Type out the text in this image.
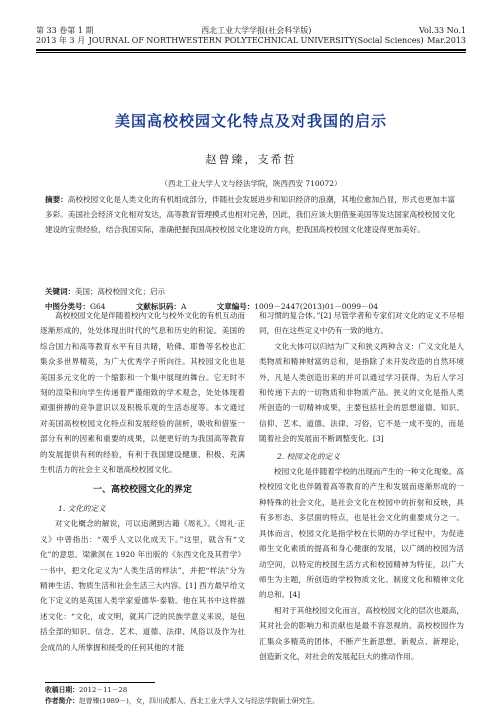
第 33 卷第 1 期	西北工业大学学报(社会科学版)	Vol.33 No.1
2013 年 3 月 JOURNAL OF NORTHWESTERN POLYTECHNICAL UNIVERSITY(Social Sciences) Mar.2013
美国高校校园文化特点及对我国的启示
赵曾臻，支希哲
（西北工业大学人文与经法学院，陕西西安 710072）
摘要：高校校园文化是人类文化的有机组成部分，伴随社会发展进步和知识经济的浪潮，其地位愈加凸显，形式也更加丰富多彩。美国社会经济文化相对发达，高等教育管理模式也相对完善，因此，我们应该大胆借鉴美国等发达国家高校校园文化建设的宝贵经验，结合我国实际，准确把握我国高校校园文化建设的方向，把我国高校校园文化建设得更加美好。
关键词：美国；高校校园文化；启示
中图分类号：G64	文献标识码：A	文章编号：1009－2447(2013)01－0099－04

高校校园文化是伴随着校内文化与校外文化的有机互动而逐渐形成的，处处体现出时代的气息和历史的积淀。美国的综合国力和高等教育水平有目共睹，哈佛、耶鲁等名校也汇集众多世界精英，为广大优秀学子所向往。其校园文化也是美国多元文化的一个缩影和一个集中展现的舞台。它无时不刻的渲染和向学生传递着严谨细致的学术观念，处处体现着顽强拼搏的竞争意识以及积极乐观的生活态度等。本文通过对美国高校校园文化特点和发展经验的剖析，吸收和借鉴一部分有利的因素和重要的成果，以便更好的为我国高等教育的发展提供有利的经验，有利于我国建设健康、积极、充满生机活力的社会主义和谐高校校园文化。

一、高校校园文化的界定
1. 文化的定义

对文化概念的解说，可以追溯到古籍《周礼》。《周礼·正义》中曾指出：“观乎人文以化成天下。”这里，就含有“文化”的意思。梁漱溟在 1920 年出版的《东西文化及其哲学》一书中，把文化定义为“人类生活的样法”，并把“样法”分为精神生活、物质生活和社会生活三大内容。[1] 西方最早给文化下定义的是英国人类学家爱德华·泰勒。他在其书中这样描述文化：“文化，或文明，就其广泛的民族学意义来说，是包括全部的知识、信念、艺术、道德、法律、风俗以及作为社会成员的人所掌握和接受的任何其他的才能

和习惯的复合体。”[2] 尽管学者和专家们对文化的定义不尽相同，但在这些定义中仍有一致的地方。

文化大体可以归结为广义和狭义两种含义：广义文化是人类物质和精神财富的总和，是指除了未开发改造的自然环境外，凡是人类创造出来的并可以通过学习获得，为后人学习和传递下去的一切物质和非物质产品。狭义的文化是指人类所创造的一切精神成果，主要包括社会的思想道德、知识、信仰、艺术、道德、法律、习俗，它不是一成不变的，而是随着社会的发展而不断调整变化。[3]

2. 校园文化的定义

校园文化是伴随着学校的出现而产生的一种文化现象。高校校园文化也伴随着高等教育的产生和发展而逐渐形成的一种特殊的社会文化，是社会文化在校园中的折射和反映，具有多形态、多层面的特点，也是社会文化的重要成分之一。具体而言，校园文化是指学校在长期的办学过程中，为促进师生文化素质的提高和身心健康的发展，以广阔的校园为活动空间，以特定的校园生活方式和校园精神为特征，以广大师生为主题，所创造的学校物质文化、制度文化和精神文化的总和。[4]

相对于其他校园文化而言，高校校园文化的层次也最高，其对社会的影响力和贡献也是最不容忽视的。高校校园作为汇集众多精英的团体，不断产生新思想、新观点、新理论，创造新文化，对社会的发展起巨大的推动作用。

收稿日期：2012－11－28
作者简介：赵曾臻(1989－)，女，四川成都人，西北工业大学人文与经法学院硕士研究生。
